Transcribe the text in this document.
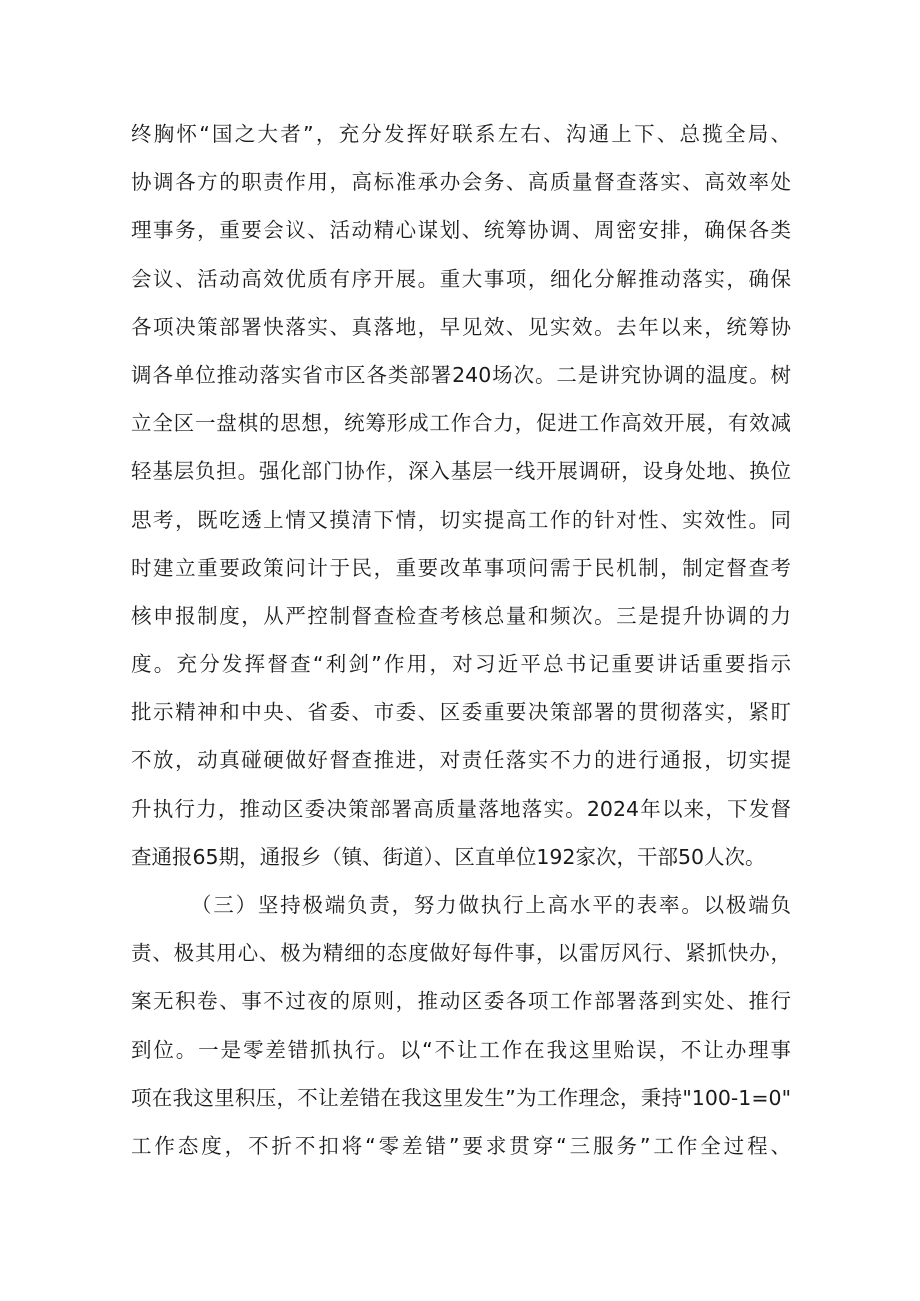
终胸怀“国之大者”，充分发挥好联系左右、沟通上下、总揽全局、
协调各方的职责作用，高标准承办会务、高质量督查落实、高效率处
理事务，重要会议、活动精心谋划、统筹协调、周密安排，确保各类
会议、活动高效优质有序开展。重大事项，细化分解推动落实，确保
各项决策部署快落实、真落地，早见效、见实效。去年以来，统筹协
调各单位推动落实省市区各类部署240场次。二是讲究协调的温度。树
立全区一盘棋的思想，统筹形成工作合力，促进工作高效开展，有效减
轻基层负担。强化部门协作，深入基层一线开展调研，设身处地、换位
思考，既吃透上情又摸清下情，切实提高工作的针对性、实效性。同
时建立重要政策问计于民，重要改革事项问需于民机制，制定督查考
核申报制度，从严控制督查检查考核总量和频次。三是提升协调的力
度。充分发挥督查“利剑”作用，对习近平总书记重要讲话重要指示
批示精神和中央、省委、市委、区委重要决策部署的贯彻落实，紧盯
不放，动真碰硬做好督查推进，对责任落实不力的进行通报，切实提
升执行力，推动区委决策部署高质量落地落实。2024年以来，下发督
查通报65期，通报乡（镇、街道）、区直单位192家次，干部50人次。
（三）坚持极端负责，努力做执行上高水平的表率。以极端负
责、极其用心、极为精细的态度做好每件事，以雷厉风行、紧抓快办，
案无积卷、事不过夜的原则，推动区委各项工作部署落到实处、推行
到位。一是零差错抓执行。以“不让工作在我这里贻误，不让办理事
项在我这里积压，不让差错在我这里发生”为工作理念，秉持"100-1=0"
工作态度，不折不扣将“零差错”要求贯穿“三服务”工作全过程、
